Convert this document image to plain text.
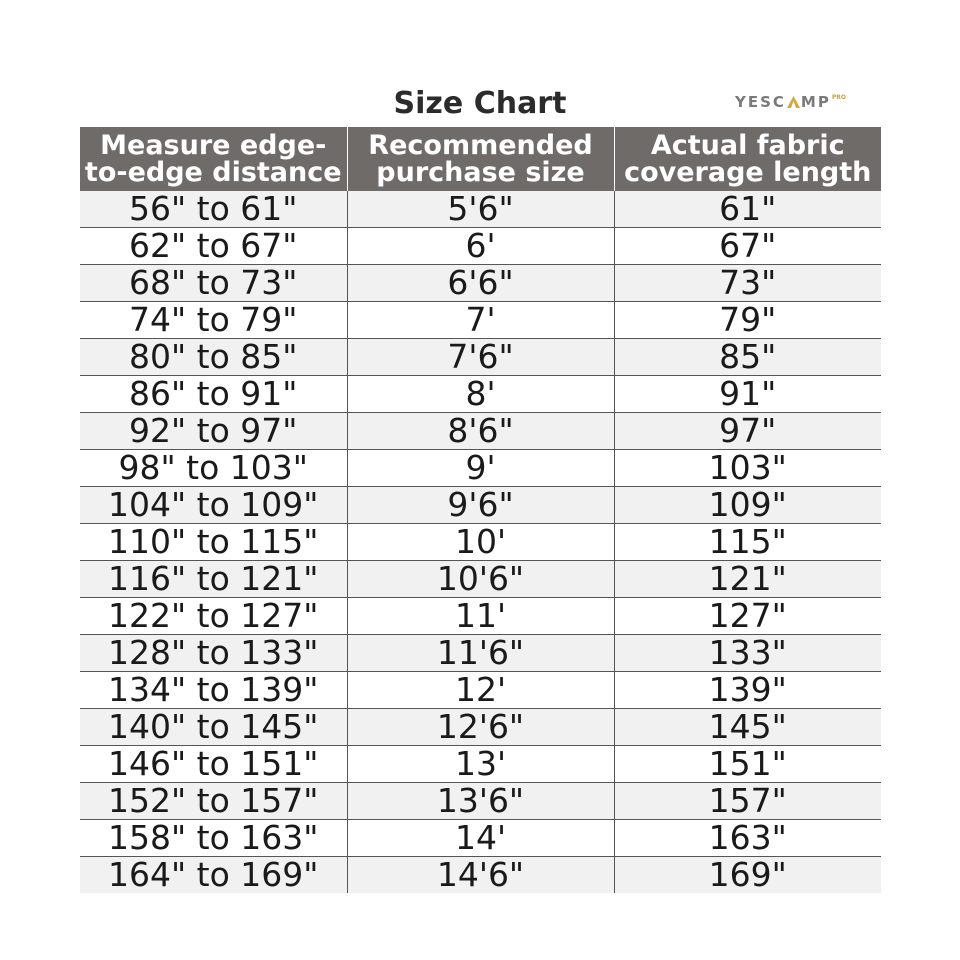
Size Chart	YESC MP PRO
Measure edge-to-edge distance	Recommended purchase size	Actual fabric coverage length
56" to 61"	5'6"	61"
62" to 67"	6'	67"
68" to 73"	6'6"	73"
74" to 79"	7'	79"
80" to 85"	7'6"	85"
86" to 91"	8'	91"
92" to 97"	8'6"	97"
98" to 103"	9'	103"
104" to 109"	9'6"	109"
110" to 115"	10'	115"
116" to 121"	10'6"	121"
122" to 127"	11'	127"
128" to 133"	11'6"	133"
134" to 139"	12'	139"
140" to 145"	12'6"	145"
146" to 151"	13'	151"
152" to 157"	13'6"	157"
158" to 163"	14'	163"
164" to 169"	14'6"	169"
